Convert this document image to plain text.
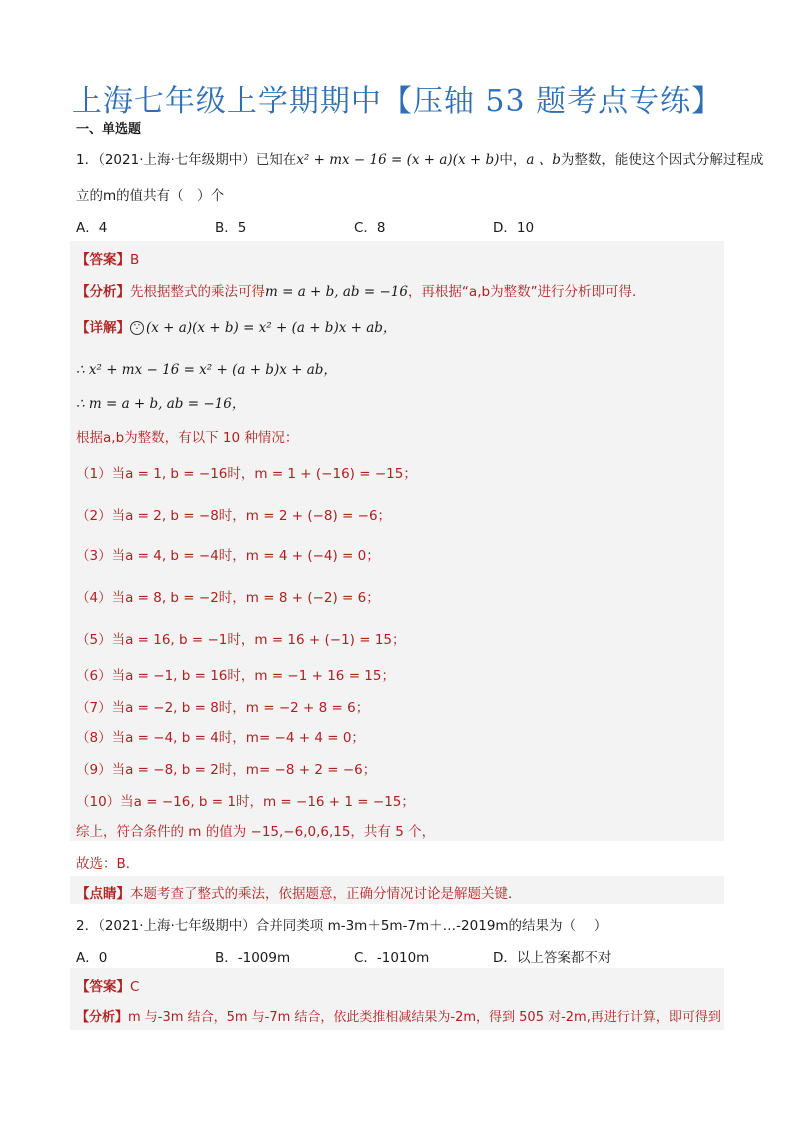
上海七年级上学期期中【压轴 53 题考点专练】
一、单选题
1．（2021·上海·七年级期中）已知在x² + mx − 16 = (x + a)(x + b)中，a 、b为整数，能使这个因式分解过程成
立的m的值共有（　）个
A．4	B．5	C．8	D．10
【答案】B
【分析】先根据整式的乘法可得m = a + b, ab = −16，再根据“a,b为整数”进行分析即可得．
【详解】 ∵ (x + a)(x + b) = x² + (a + b)x + ab，
∴ x² + mx − 16 = x² + (a + b)x + ab，
∴ m = a + b, ab = −16，
根据a,b为整数，有以下 10 种情况：
（1）当a = 1, b = −16时，m = 1 + (−16) = −15；
（2）当a = 2, b = −8时，m = 2 + (−8) = −6；
（3）当a = 4, b = −4时，m = 4 + (−4) = 0；
（4）当a = 8, b = −2时，m = 8 + (−2) = 6；
（5）当a = 16, b = −1时，m = 16 + (−1) = 15；
（6）当a = −1, b = 16时，m = −1 + 16 = 15；
（7）当a = −2, b = 8时，m = −2 + 8 = 6；
（8）当a = −4, b = 4时，m= −4 + 4 = 0；
（9）当a = −8, b = 2时，m= −8 + 2 = −6；
（10）当a = −16, b = 1时，m = −16 + 1 = −15；
综上，符合条件的 m 的值为 −15,−6,0,6,15，共有 5 个，
故选：B．
【点睛】本题考查了整式的乘法，依据题意，正确分情况讨论是解题关键．
2．（2021·上海·七年级期中）合并同类项 m-3m＋5m-7m＋…-2019m的结果为（　 ）
A．0	B．-1009m	C．-1010m	D．以上答案都不对
【答案】C
【分析】m 与-3m 结合，5m 与-7m 结合，依此类推相减结果为-2m，得到 505 对-2m,再进行计算，即可得到
